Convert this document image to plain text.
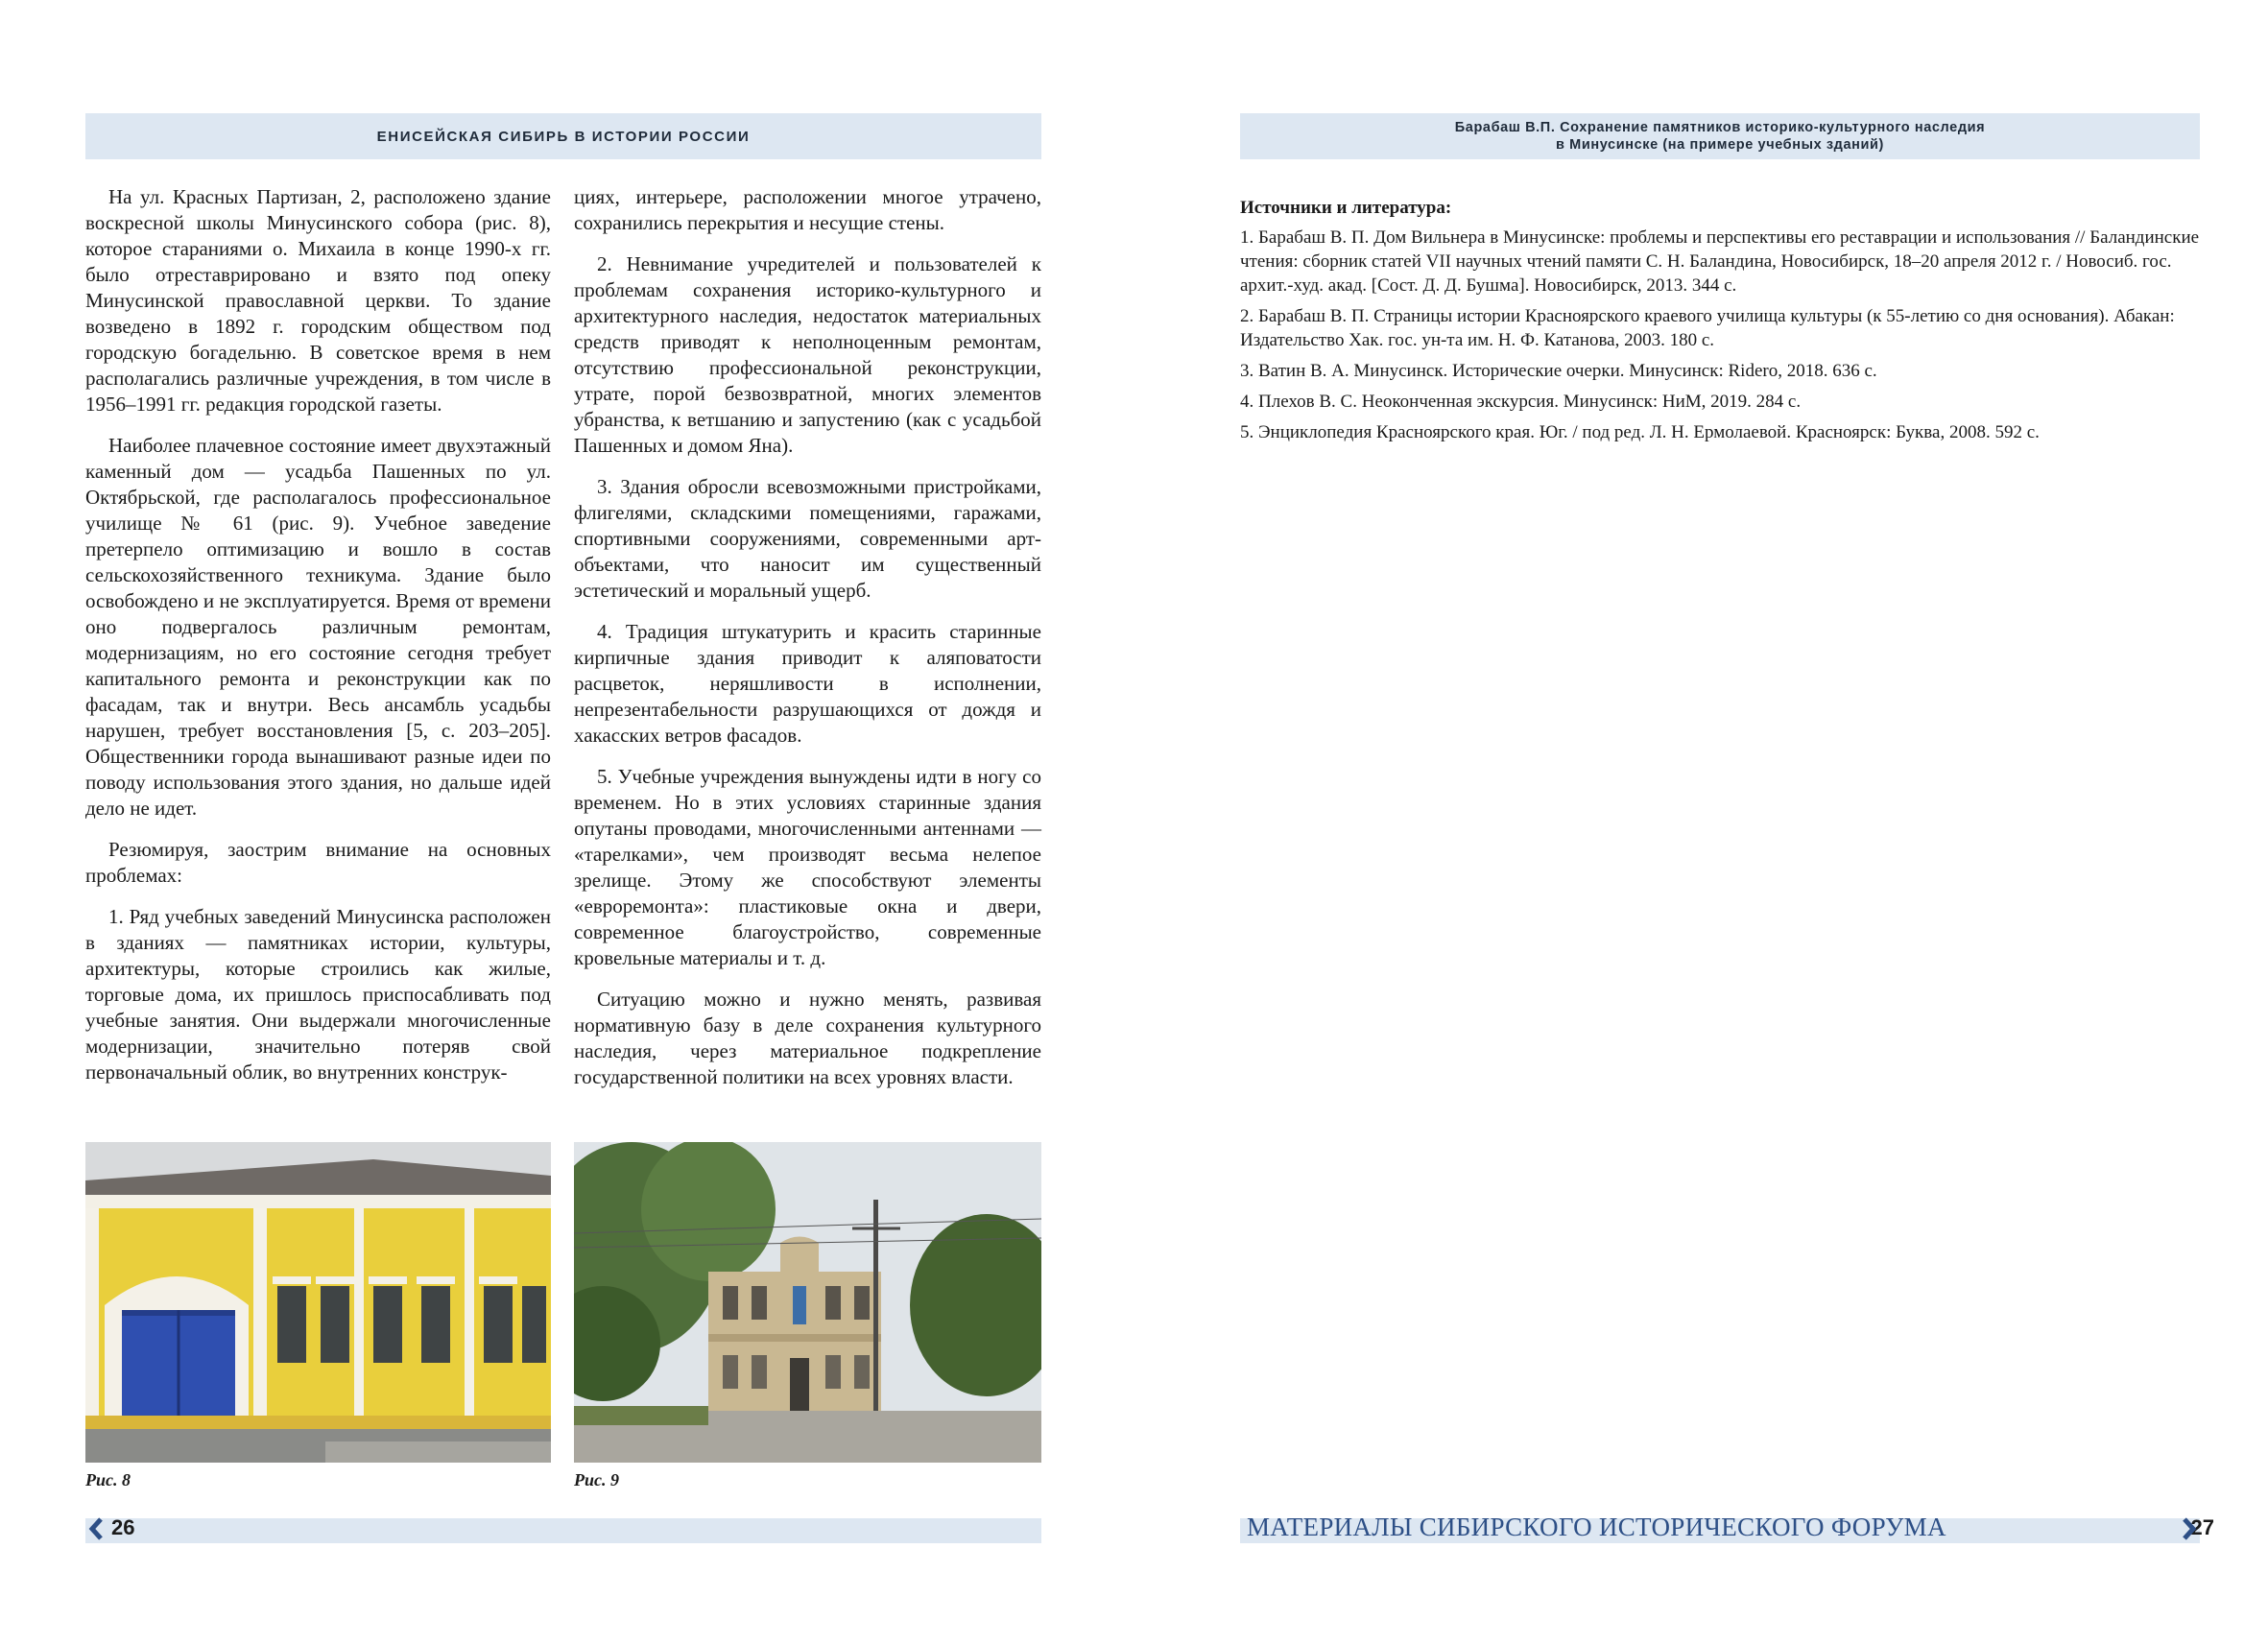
ЕНИСЕЙСКАЯ СИБИРЬ В ИСТОРИИ РОССИИ

На ул. Красных Партизан, 2, расположено здание воскресной школы Минусинского собора (рис. 8), которое стараниями о. Михаила в конце 1990-х гг. было отреставрировано и взято под опеку Минусинской православной церкви. То здание возведено в 1892 г. городским обществом под городскую богадельню. В советское время в нем располагались различные учреждения, в том числе в 1956–1991 гг. редакция городской газеты.

Наиболее плачевное состояние имеет двухэтажный каменный дом — усадьба Пашенных по ул. Октябрьской, где располагалось профессиональное училище № 61 (рис. 9). Учебное заведение претерпело оптимизацию и вошло в состав сельскохозяйственного техникума. Здание было освобождено и не эксплуатируется. Время от времени оно подвергалось различным ремонтам, модернизациям, но его состояние сегодня требует капитального ремонта и реконструкции как по фасадам, так и внутри. Весь ансамбль усадьбы нарушен, требует восстановления [5, с. 203–205]. Общественники города вынашивают разные идеи по поводу использования этого здания, но дальше идей дело не идет.

Резюмируя, заострим внимание на основных проблемах:

1. Ряд учебных заведений Минусинска расположен в зданиях — памятниках истории, культуры, архитектуры, которые строились как жилые, торговые дома, их пришлось приспосабливать под учебные занятия. Они выдержали многочисленные модернизации, значительно потеряв свой первоначальный облик, во внутренних конструк-

циях, интерьере, расположении многое утрачено, сохранились перекрытия и несущие стены.

2. Невнимание учредителей и пользователей к проблемам сохранения историко-культурного и архитектурного наследия, недостаток материальных средств приводят к неполноценным ремонтам, отсутствию профессиональной реконструкции, утрате, порой безвозвратной, многих элементов убранства, к ветшанию и запустению (как с усадьбой Пашенных и домом Яна).

3. Здания обросли всевозможными пристройками, флигелями, складскими помещениями, гаражами, спортивными сооружениями, современными арт-объектами, что наносит им существенный эстетический и моральный ущерб.

4. Традиция штукатурить и красить старинные кирпичные здания приводит к аляповатости расцветок, неряшливости в исполнении, непрезентабельности разрушающихся от дождя и хакасских ветров фасадов.

5. Учебные учреждения вынуждены идти в ногу со временем. Но в этих условиях старинные здания опутаны проводами, многочисленными антеннами — «тарелками», чем производят весьма нелепое зрелище. Этому же способствуют элементы «евроремонта»: пластиковые окна и двери, современное благоустройство, современные кровельные материалы и т. д.

Ситуацию можно и нужно менять, развивая нормативную базу в деле сохранения культурного наследия, через материальное подкрепление государственной политики на всех уровнях власти.

Рис. 8	Рис. 9
26
Барабаш В.П. Сохранение памятников историко-культурного наследия
в Минусинске (на примере учебных зданий)
Источники и литература:
1. Барабаш В. П. Дом Вильнера в Минусинске: проблемы и перспективы его реставрации и использования // Баландинские чтения: сборник статей VII научных чтений памяти С. Н. Баландина, Новосибирск, 18–20 апреля 2012 г. / Новосиб. гос. архит.-худ. акад. [Сост. Д. Д. Бушма]. Новосибирск, 2013. 344 с.
2. Барабаш В. П. Страницы истории Красноярского краевого училища культуры (к 55-летию со дня основания). Абакан: Издательство Хак. гос. ун-та им. Н. Ф. Катанова, 2003. 180 с.
3. Ватин В. А. Минусинск. Исторические очерки. Минусинск: Ridero, 2018. 636 с.
4. Плехов В. С. Неоконченная экскурсия. Минусинск: НиМ, 2019. 284 с.
5. Энциклопедия Красноярского края. Юг. / под ред. Л. Н. Ермолаевой. Красноярск: Буква, 2008. 592 с.
МАТЕРИАЛЫ СИБИРСКОГО ИСТОРИЧЕСКОГО ФОРУМА	27
